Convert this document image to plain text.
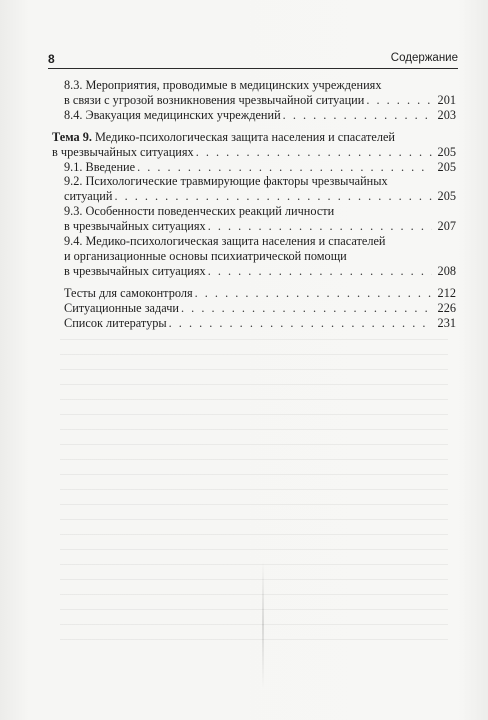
8	Содержание
8.3. Мероприятия, проводимые в медицинских учреждениях
в связи с угрозой возникновения чрезвычайной ситуации . . .	201
8.4. Эвакуация медицинских учреждений . . .	203
Тема 9. Медико-психологическая защита населения и спасателей
в чрезвычайных ситуациях . . .	205
9.1. Введение . . .	205
9.2. Психологические травмирующие факторы чрезвычайных
ситуаций . . .	205
9.3. Особенности поведенческих реакций личности
в чрезвычайных ситуациях . . .	207
9.4. Медико-психологическая защита населения и спасателей
и организационные основы психиатрической помощи
в чрезвычайных ситуациях . . .	208
Тесты для самоконтроля . . .	212
Ситуационные задачи . . .	226
Список литературы . . .	231
